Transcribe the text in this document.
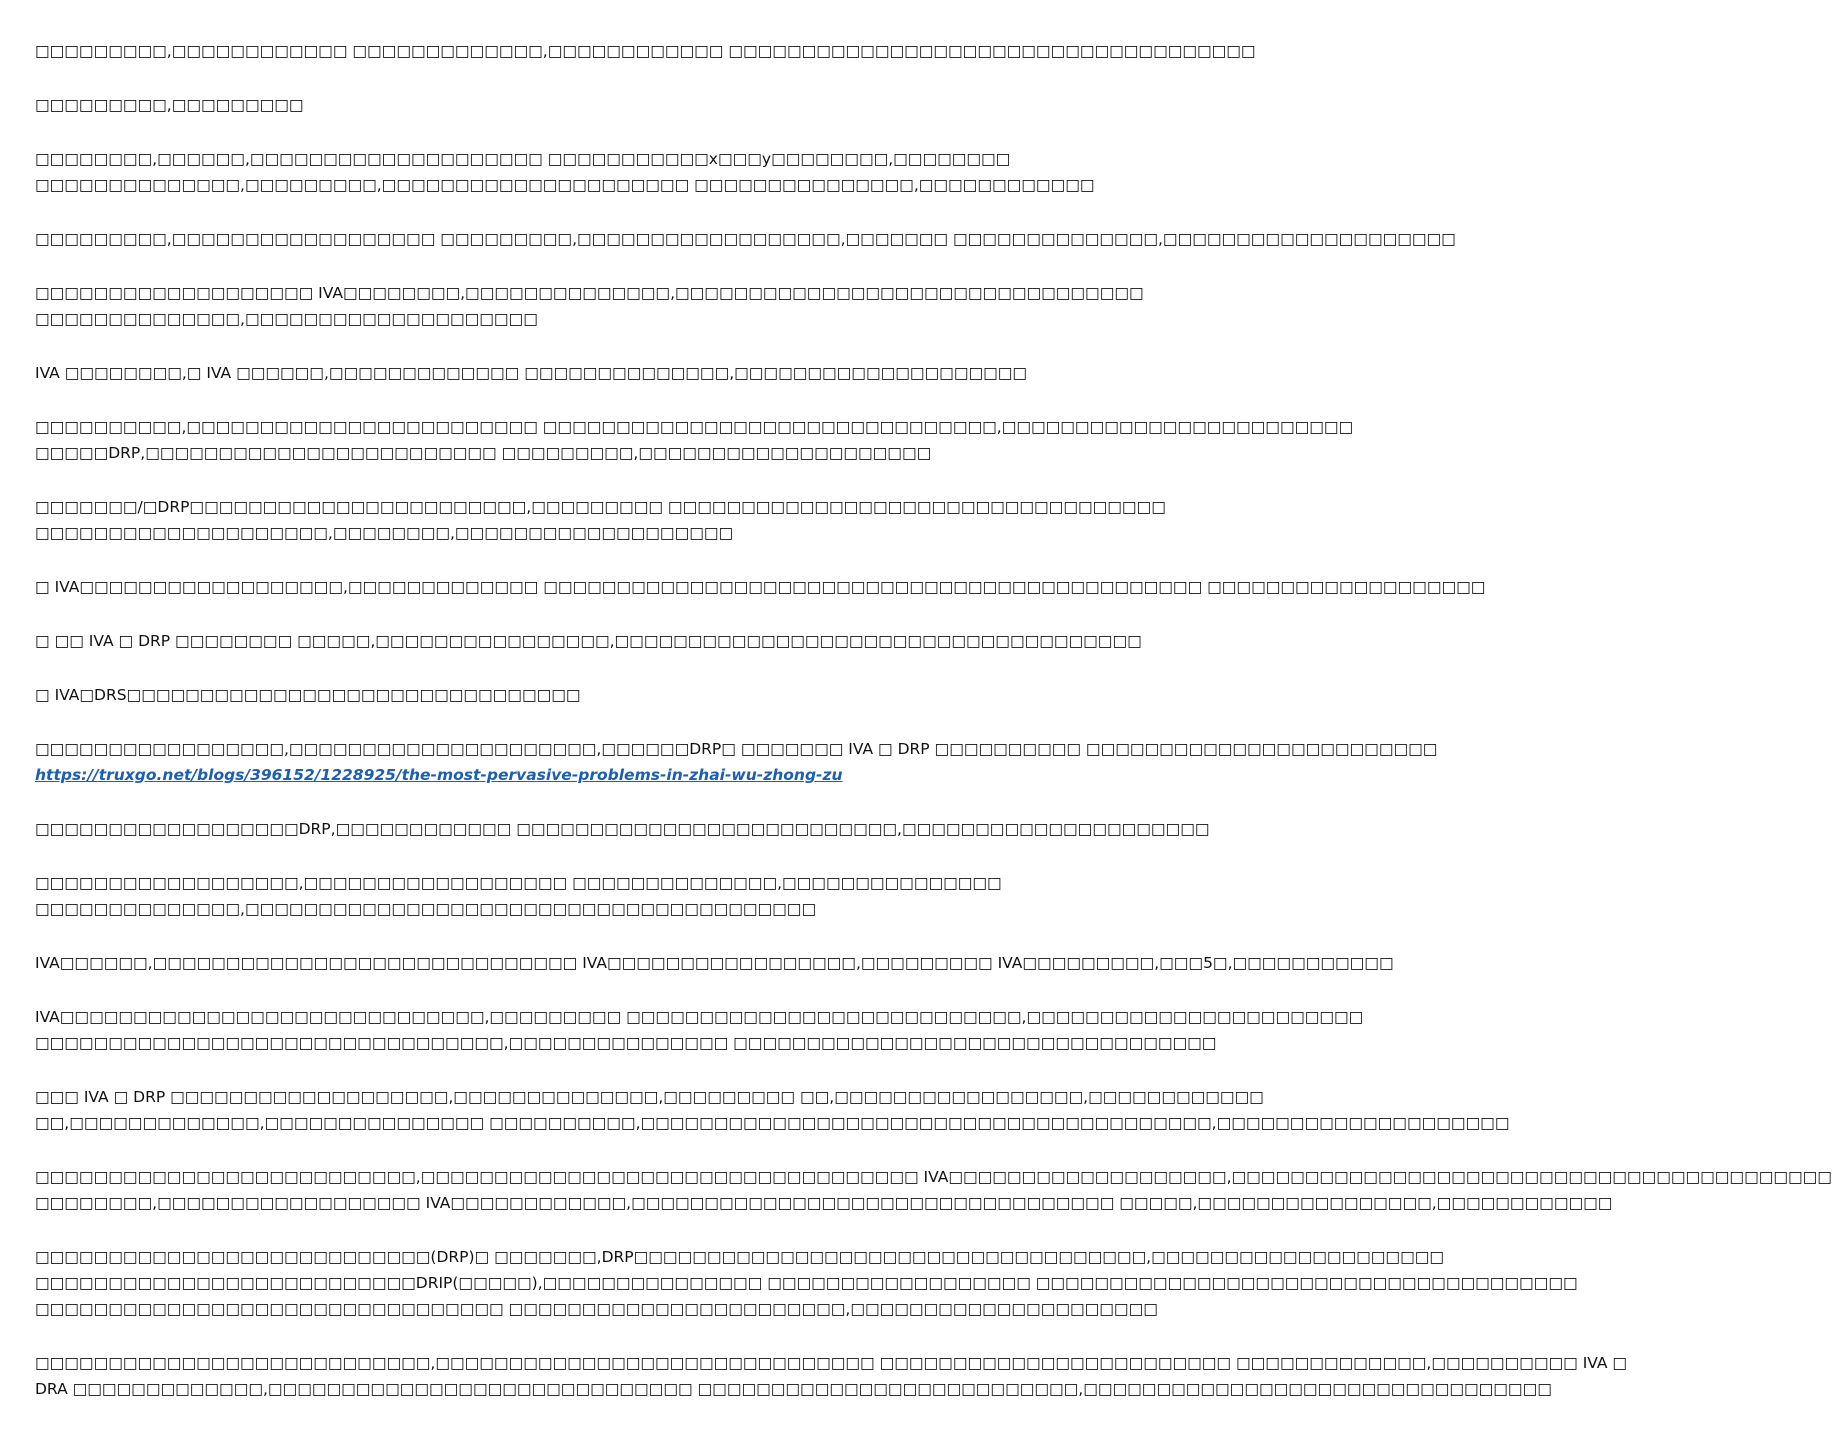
□□□□□□□□□,□□□□□□□□□□□□ □□□□□□□□□□□□□,□□□□□□□□□□□□ □□□□□□□□□□□□□□□□□□□□□□□□□□□□□□□□□□□□

□□□□□□□□□,□□□□□□□□□

□□□□□□□□,□□□□□□,□□□□□□□□□□□□□□□□□□□□ □□□□□□□□□□□x□□□y□□□□□□□□,□□□□□□□□
□□□□□□□□□□□□□□,□□□□□□□□□,□□□□□□□□□□□□□□□□□□□□□ □□□□□□□□□□□□□□□,□□□□□□□□□□□□

□□□□□□□□□,□□□□□□□□□□□□□□□□□□ □□□□□□□□□,□□□□□□□□□□□□□□□□□□,□□□□□□□ □□□□□□□□□□□□□□,□□□□□□□□□□□□□□□□□□□□

□□□□□□□□□□□□□□□□□□□ IVA□□□□□□□□,□□□□□□□□□□□□□□,□□□□□□□□□□□□□□□□□□□□□□□□□□□□□□□□
□□□□□□□□□□□□□□,□□□□□□□□□□□□□□□□□□□□

IVA □□□□□□□□,□ IVA □□□□□□,□□□□□□□□□□□□□ □□□□□□□□□□□□□□,□□□□□□□□□□□□□□□□□□□□

□□□□□□□□□□,□□□□□□□□□□□□□□□□□□□□□□□□ □□□□□□□□□□□□□□□□□□□□□□□□□□□□□□□,□□□□□□□□□□□□□□□□□□□□□□□□
□□□□□DRP,□□□□□□□□□□□□□□□□□□□□□□□□ □□□□□□□□□,□□□□□□□□□□□□□□□□□□□□

□□□□□□□/□DRP□□□□□□□□□□□□□□□□□□□□□□□,□□□□□□□□□ □□□□□□□□□□□□□□□□□□□□□□□□□□□□□□□□□□
□□□□□□□□□□□□□□□□□□□□,□□□□□□□□,□□□□□□□□□□□□□□□□□□□

□ IVA□□□□□□□□□□□□□□□□□□,□□□□□□□□□□□□□ □□□□□□□□□□□□□□□□□□□□□□□□□□□□□□□□□□□□□□□□□□□□□ □□□□□□□□□□□□□□□□□□□

□ □□ IVA □ DRP □□□□□□□□ □□□□□,□□□□□□□□□□□□□□□□,□□□□□□□□□□□□□□□□□□□□□□□□□□□□□□□□□□□□

□ IVA□DRS□□□□□□□□□□□□□□□□□□□□□□□□□□□□□□□

□□□□□□□□□□□□□□□□□,□□□□□□□□□□□□□□□□□□□□□,□□□□□□DRP□ □□□□□□□ IVA □ DRP □□□□□□□□□□ □□□□□□□□□□□□□□□□□□□□□□□□
https://truxgo.net/blogs/396152/1228925/the-most-pervasive-problems-in-zhai-wu-zhong-zu

□□□□□□□□□□□□□□□□□□DRP,□□□□□□□□□□□□ □□□□□□□□□□□□□□□□□□□□□□□□□□,□□□□□□□□□□□□□□□□□□□□□

□□□□□□□□□□□□□□□□□□,□□□□□□□□□□□□□□□□□□ □□□□□□□□□□□□□□,□□□□□□□□□□□□□□□
□□□□□□□□□□□□□□,□□□□□□□□□□□□□□□□□□□□□□□□□□□□□□□□□□□□□□□

IVA□□□□□□,□□□□□□□□□□□□□□□□□□□□□□□□□□□□□ IVA□□□□□□□□□□□□□□□□□,□□□□□□□□□ IVA□□□□□□□□□,□□□5□,□□□□□□□□□□□

IVA□□□□□□□□□□□□□□□□□□□□□□□□□□□□□,□□□□□□□□□ □□□□□□□□□□□□□□□□□□□□□□□□□□□,□□□□□□□□□□□□□□□□□□□□□□□
□□□□□□□□□□□□□□□□□□□□□□□□□□□□□□□□,□□□□□□□□□□□□□□□ □□□□□□□□□□□□□□□□□□□□□□□□□□□□□□□□□

□□□ IVA □ DRP □□□□□□□□□□□□□□□□□□□,□□□□□□□□□□□□□□,□□□□□□□□□ □□,□□□□□□□□□□□□□□□□□,□□□□□□□□□□□□
□□,□□□□□□□□□□□□□,□□□□□□□□□□□□□□□ □□□□□□□□□□,□□□□□□□□□□□□□□□□□□□□□□□□□□□□□□□□□□□□□□□,□□□□□□□□□□□□□□□□□□□□

□□□□□□□□□□□□□□□□□□□□□□□□□□,□□□□□□□□□□□□□□□□□□□□□□□□□□□□□□□□□□ IVA□□□□□□□□□□□□□□□□□□□,□□□□□□□□□□□□□□□□□□□□□□□□□□□□□□□□□□□□□□□□□
□□□□□□□□,□□□□□□□□□□□□□□□□□□ IVA□□□□□□□□□□□□,□□□□□□□□□□□□□□□□□□□□□□□□□□□□□□□□□ □□□□□,□□□□□□□□□□□□□□□□,□□□□□□□□□□□□

□□□□□□□□□□□□□□□□□□□□□□□□□□□(DRP)□ □□□□□□□,DRP□□□□□□□□□□□□□□□□□□□□□□□□□□□□□□□□□□□,□□□□□□□□□□□□□□□□□□□□
□□□□□□□□□□□□□□□□□□□□□□□□□□DRIP(□□□□□),□□□□□□□□□□□□□□□ □□□□□□□□□□□□□□□□□□ □□□□□□□□□□□□□□□□□□□□□□□□□□□□□□□□□□□□□
□□□□□□□□□□□□□□□□□□□□□□□□□□□□□□□□ □□□□□□□□□□□□□□□□□□□□□□□,□□□□□□□□□□□□□□□□□□□□□

□□□□□□□□□□□□□□□□□□□□□□□□□□□,□□□□□□□□□□□□□□□□□□□□□□□□□□□□□□ □□□□□□□□□□□□□□□□□□□□□□□□ □□□□□□□□□□□□□,□□□□□□□□□□ IVA □
DRA □□□□□□□□□□□□□,□□□□□□□□□□□□□□□□□□□□□□□□□□□□□ □□□□□□□□□□□□□□□□□□□□□□□□□□,□□□□□□□□□□□□□□□□□□□□□□□□□□□□□□□□
